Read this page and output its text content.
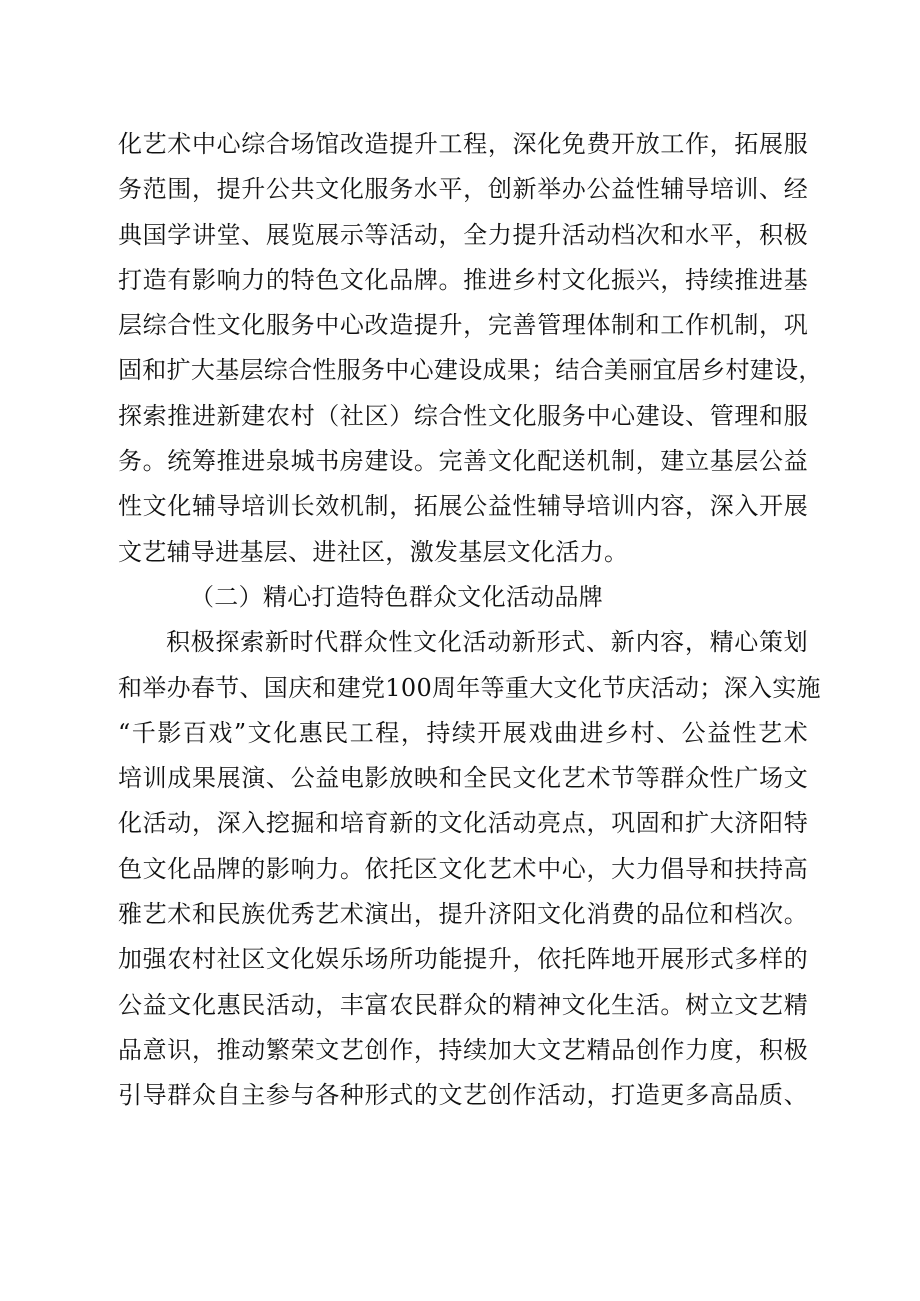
化艺术中心综合场馆改造提升工程，深化免费开放工作，拓展服
务范围，提升公共文化服务水平，创新举办公益性辅导培训、经
典国学讲堂、展览展示等活动，全力提升活动档次和水平，积极
打造有影响力的特色文化品牌。推进乡村文化振兴，持续推进基
层综合性文化服务中心改造提升，完善管理体制和工作机制，巩
固和扩大基层综合性服务中心建设成果；结合美丽宜居乡村建设，
探索推进新建农村（社区）综合性文化服务中心建设、管理和服
务。统筹推进泉城书房建设。完善文化配送机制，建立基层公益
性文化辅导培训长效机制，拓展公益性辅导培训内容，深入开展
文艺辅导进基层、进社区，激发基层文化活力。
（二）精心打造特色群众文化活动品牌
积极探索新时代群众性文化活动新形式、新内容，精心策划
和举办春节、国庆和建党100周年等重大文化节庆活动；深入实施
“千影百戏”文化惠民工程，持续开展戏曲进乡村、公益性艺术
培训成果展演、公益电影放映和全民文化艺术节等群众性广场文
化活动，深入挖掘和培育新的文化活动亮点，巩固和扩大济阳特
色文化品牌的影响力。依托区文化艺术中心，大力倡导和扶持高
雅艺术和民族优秀艺术演出，提升济阳文化消费的品位和档次。
加强农村社区文化娱乐场所功能提升，依托阵地开展形式多样的
公益文化惠民活动，丰富农民群众的精神文化生活。树立文艺精
品意识，推动繁荣文艺创作，持续加大文艺精品创作力度，积极
引导群众自主参与各种形式的文艺创作活动，打造更多高品质、
